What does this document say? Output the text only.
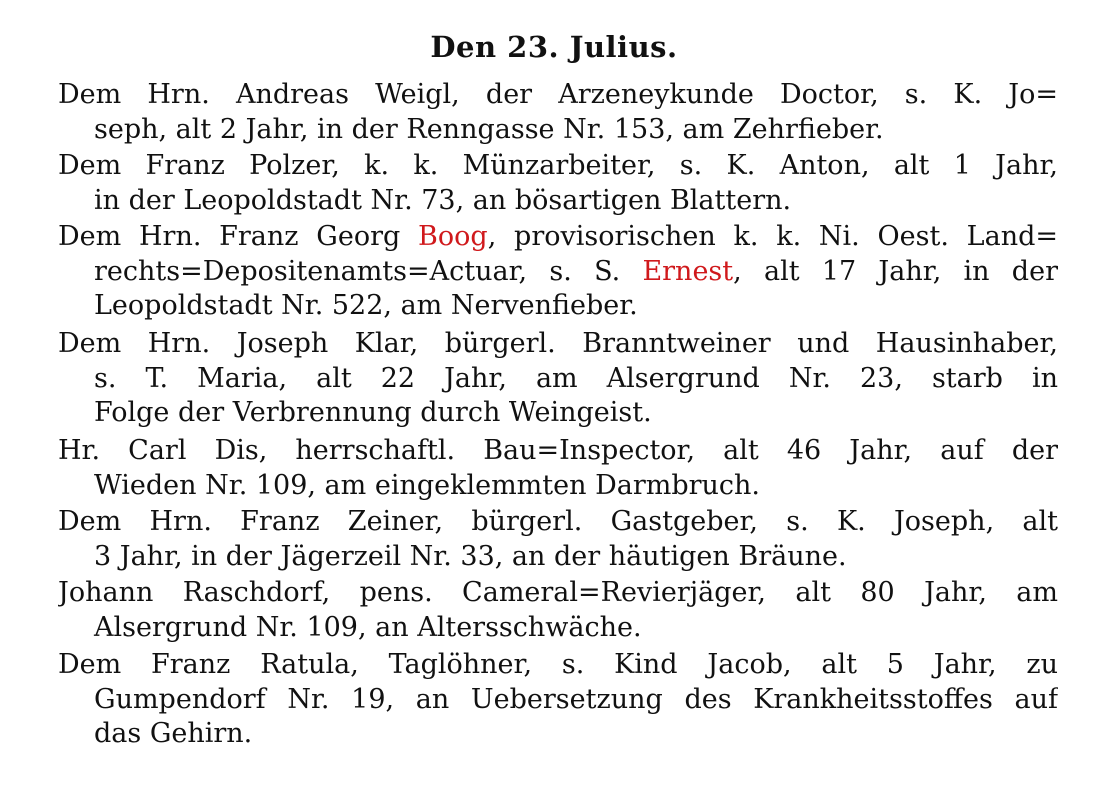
Den 23. Julius.
Dem Hrn. Andreas Weigl, der Arzeneykunde Doctor, s. K. Jo=
seph, alt 2 Jahr, in der Renngasse Nr. 153, am Zehrfieber.
Dem Franz Polzer, k. k. Münzarbeiter, s. K. Anton, alt 1 Jahr,
in der Leopoldstadt Nr. 73, an bösartigen Blattern.
Dem Hrn. Franz Georg Boog, provisorischen k. k. Ni. Oest. Land=
rechts=Depositenamts=Actuar, s. S. Ernest, alt 17 Jahr, in der
Leopoldstadt Nr. 522, am Nervenfieber.
Dem Hrn. Joseph Klar, bürgerl. Branntweiner und Hausinhaber,
s. T. Maria, alt 22 Jahr, am Alsergrund Nr. 23, starb in
Folge der Verbrennung durch Weingeist.
Hr. Carl Dis, herrschaftl. Bau=Inspector, alt 46 Jahr, auf der
Wieden Nr. 109, am eingeklemmten Darmbruch.
Dem Hrn. Franz Zeiner, bürgerl. Gastgeber, s. K. Joseph, alt
3 Jahr, in der Jägerzeil Nr. 33, an der häutigen Bräune.
Johann Raschdorf, pens. Cameral=Revierjäger, alt 80 Jahr, am
Alsergrund Nr. 109, an Altersschwäche.
Dem Franz Ratula, Taglöhner, s. Kind Jacob, alt 5 Jahr, zu
Gumpendorf Nr. 19, an Uebersetzung des Krankheitsstoffes auf
das Gehirn.
